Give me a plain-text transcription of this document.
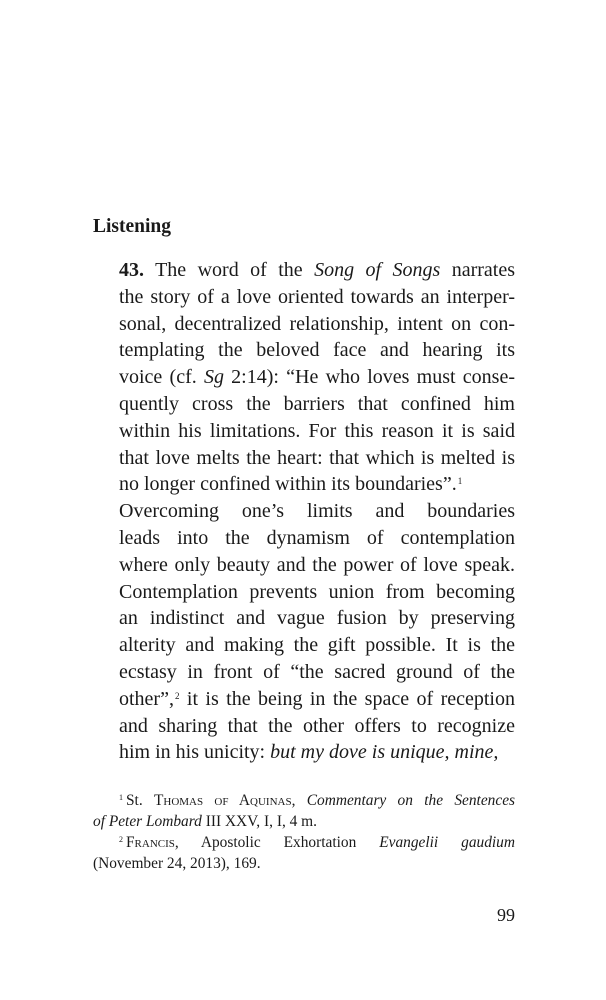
Listening
43. The word of the Song of Songs narrates
the story of a love oriented towards an interper-
sonal, decentralized relationship, intent on con-
templating the beloved face and hearing its
voice (cf. Sg 2:14): “He who loves must conse-
quently cross the barriers that confined him
within his limitations. For this reason it is said
that love melts the heart: that which is melted is
no longer confined within its boundaries”.$^1$
Overcoming one’s limits and boundaries
leads into the dynamism of contemplation
where only beauty and the power of love speak.
Contemplation prevents union from becoming
an indistinct and vague fusion by preserving
alterity and making the gift possible. It is the
ecstasy in front of “the sacred ground of the
other”,$^2$ it is the being in the space of reception
and sharing that the other offers to recognize
him in his unicity: but my dove is unique, mine,
$^1$ St. Thomas of Aquinas, Commentary on the Sentences
of Peter Lombard III XXV, I, I, 4 m.
$^2$ Francis, Apostolic Exhortation Evangelii gaudium
(November 24, 2013), 169.
99
